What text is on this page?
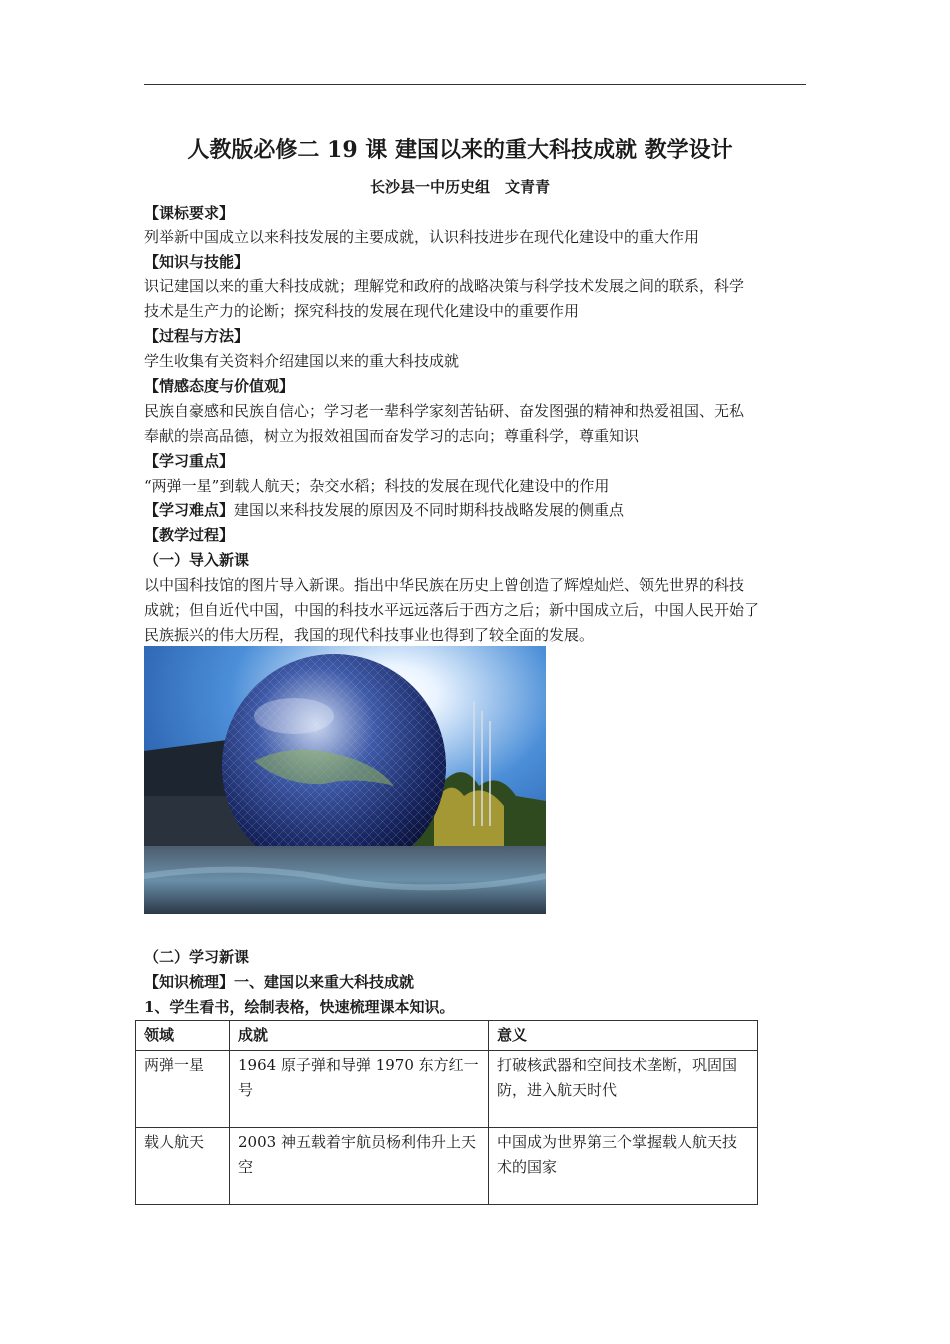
人教版必修二 19 课 建国以来的重大科技成就 教学设计
长沙县一中历史组　文青青
【课标要求】
列举新中国成立以来科技发展的主要成就，认识科技进步在现代化建设中的重大作用
【知识与技能】
识记建国以来的重大科技成就；理解党和政府的战略决策与科学技术发展之间的联系，科学
技术是生产力的论断；探究科技的发展在现代化建设中的重要作用
【过程与方法】
学生收集有关资料介绍建国以来的重大科技成就
【情感态度与价值观】
民族自豪感和民族自信心；学习老一辈科学家刻苦钻研、奋发图强的精神和热爱祖国、无私
奉献的崇高品德，树立为报效祖国而奋发学习的志向；尊重科学，尊重知识
【学习重点】
“两弹一星”到载人航天；杂交水稻；科技的发展在现代化建设中的作用
【学习难点】建国以来科技发展的原因及不同时期科技战略发展的侧重点
【教学过程】
（一）导入新课
以中国科技馆的图片导入新课。指出中华民族在历史上曾创造了辉煌灿烂、领先世界的科技
成就；但自近代中国，中国的科技水平远远落后于西方之后；新中国成立后，中国人民开始了
民族振兴的伟大历程，我国的现代科技事业也得到了较全面的发展。
（二）学习新课
【知识梳理】一、建国以来重大科技成就
1、学生看书，绘制表格，快速梳理课本知识。
领域	成就	意义
两弹一星	1964 原子弹和导弹 1970 东方红一号	打破核武器和空间技术垄断，巩固国防，进入航天时代
载人航天	2003 神五载着宇航员杨利伟升上天空	中国成为世界第三个掌握载人航天技术的国家
